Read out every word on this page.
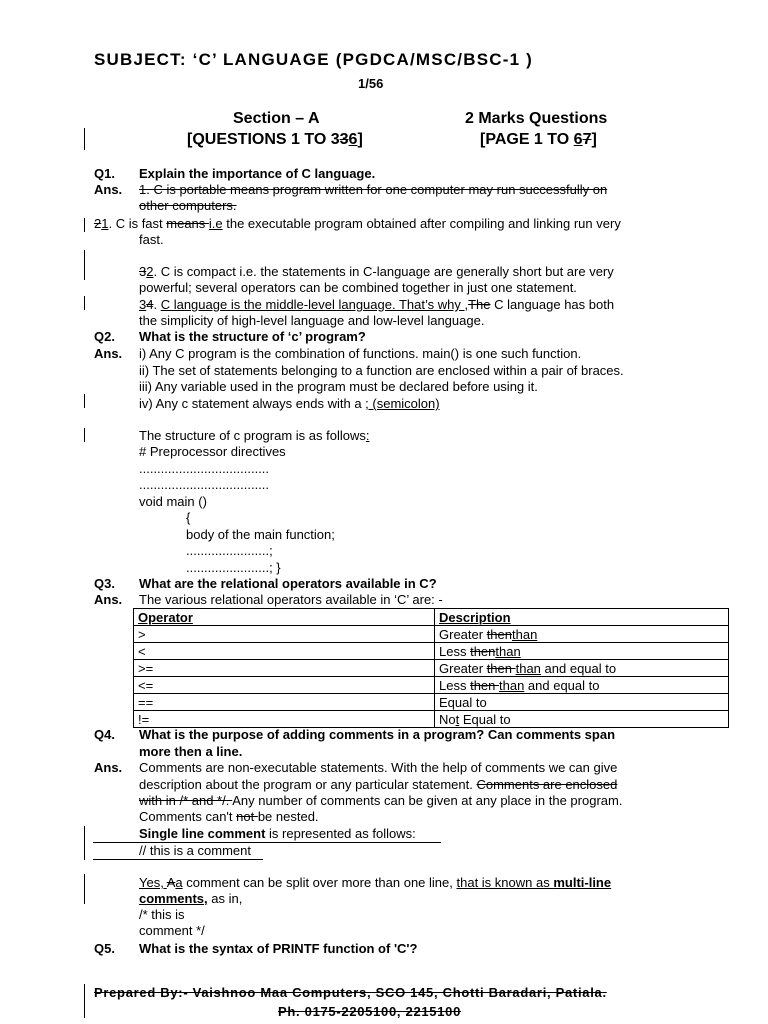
SUBJECT: ‘C’ LANGUAGE (PGDCA/MSC/BSC-1 )
1/56
Section – A	2 Marks Questions
[QUESTIONS 1 TO 336]	[PAGE 1 TO 67]
Q1. Explain the importance of C language.
Ans. 1. C is portable means program written for one computer may run successfully on
other computers.
21. C is fast means i.e the executable program obtained after compiling and linking run very
fast.
32. C is compact i.e. the statements in C-language are generally short but are very
powerful; several operators can be combined together in just one statement.
34. C language is the middle-level language. That’s why ,The C language has both
the simplicity of high-level language and low-level language.
Q2. What is the structure of ‘c’ program?
Ans. i) Any C program is the combination of functions. main() is one such function.
ii) The set of statements belonging to a function are enclosed within a pair of braces.
iii) Any variable used in the program must be declared before using it.
iv) Any c statement always ends with a ; (semicolon)
The structure of c program is as follows:
# Preprocessor directives
....................................
....................................
void main ()
{
body of the main function;
.......................;
.......................; }
Q3. What are the relational operators available in C?
Ans. The various relational operators available in ‘C’ are: -
Operator	Description
>	Greater thenthan
<	Less thenthan
>=	Greater then than and equal to
<=	Less then than and equal to
==	Equal to
!=	Not Equal to
Q4. What is the purpose of adding comments in a program? Can comments span
more then a line.
Ans. Comments are non-executable statements. With the help of comments we can give
description about the program or any particular statement. Comments are enclosed
with in /* and */. Any number of comments can be given at any place in the program.
Comments can't not be nested.
Single line comment is represented as follows:
// this is a comment
Yes, Aa comment can be split over more than one line, that is known as multi-line
comments, as in,
/* this is
comment */
Q5. What is the syntax of PRINTF function of 'C'?
Prepared By:- Vaishnoo Maa Computers, SCO 145, Chotti Baradari, Patiala.
Ph. 0175-2205100, 2215100
